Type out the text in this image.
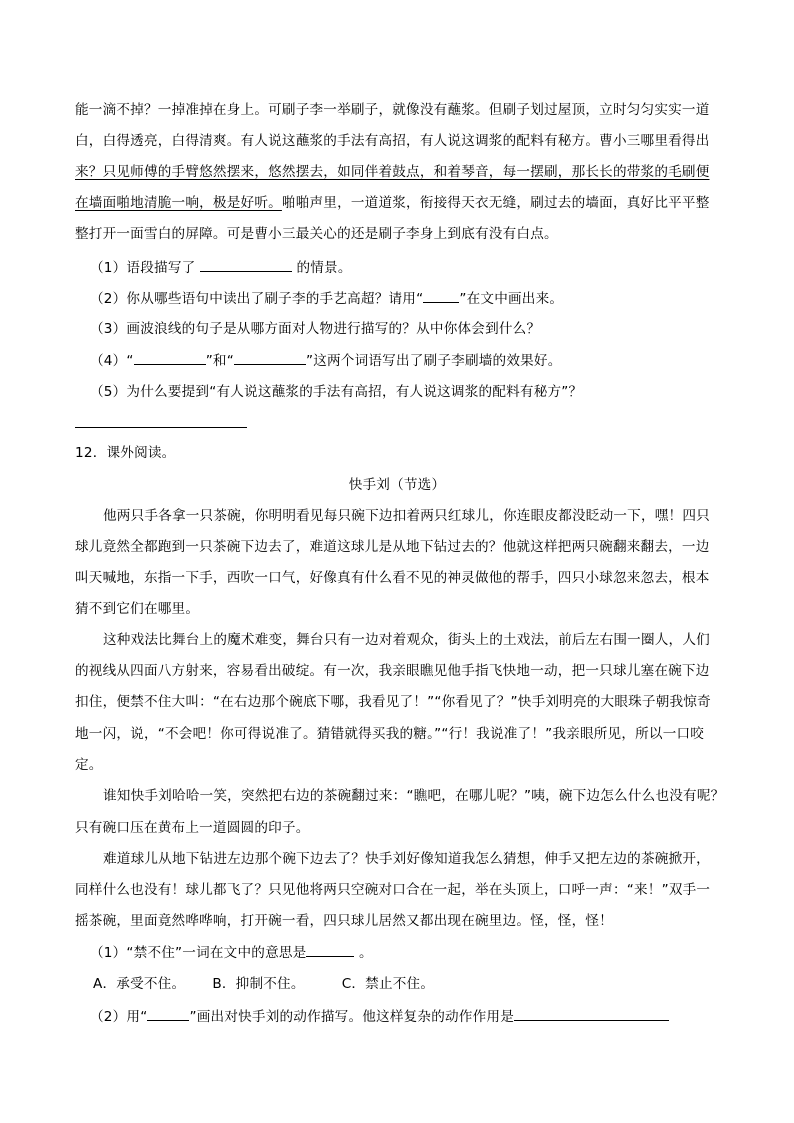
能一滴不掉？一掉准掉在身上。可刷子李一举刷子，就像没有蘸浆。但刷子划过屋顶，立时匀匀实实一道
白，白得透亮，白得清爽。有人说这蘸浆的手法有高招，有人说这调浆的配料有秘方。曹小三哪里看得出
来？只见师傅的手臂悠然摆来，悠然摆去，如同伴着鼓点，和着琴音，每一摆刷，那长长的带浆的毛刷便
在墙面啪地清脆一响，极是好听。啪啪声里，一道道浆，衔接得天衣无缝，刷过去的墙面，真好比平平整
整打开一面雪白的屏障。可是曹小三最关心的还是刷子李身上到底有没有白点。
（1）语段描写了	的情景。
（2）你从哪些语句中读出了刷子李的手艺高超？请用“	”在文中画出来。
（3）画波浪线的句子是从哪方面对人物进行描写的？从中你体会到什么？
（4）“	”和“	”这两个词语写出了刷子李刷墙的效果好。
（5）为什么要提到“有人说这蘸浆的手法有高招，有人说这调浆的配料有秘方”？
12．课外阅读。
快手刘（节选）
他两只手各拿一只茶碗，你明明看见每只碗下边扣着两只红球儿，你连眼皮都没眨动一下，嘿！四只
球儿竟然全都跑到一只茶碗下边去了，难道这球儿是从地下钻过去的？他就这样把两只碗翻来翻去，一边
叫天喊地，东指一下手，西吹一口气，好像真有什么看不见的神灵做他的帮手，四只小球忽来忽去，根本
猜不到它们在哪里。
这种戏法比舞台上的魔术难变，舞台只有一边对着观众，街头上的土戏法，前后左右围一圈人，人们
的视线从四面八方射来，容易看出破绽。有一次，我亲眼瞧见他手指飞快地一动，把一只球儿塞在碗下边
扣住，便禁不住大叫：“在右边那个碗底下哪，我看见了！”“你看见了？”快手刘明亮的大眼珠子朝我惊奇
地一闪，说，“不会吧！你可得说准了。猜错就得买我的糖。”“行！我说准了！”我亲眼所见，所以一口咬
定。
谁知快手刘哈哈一笑，突然把右边的茶碗翻过来：“瞧吧，在哪儿呢？”咦，碗下边怎么什么也没有呢？
只有碗口压在黄布上一道圆圆的印子。
难道球儿从地下钻进左边那个碗下边去了？快手刘好像知道我怎么猜想，伸手又把左边的茶碗掀开，
同样什么也没有！球儿都飞了？只见他将两只空碗对口合在一起，举在头顶上，口呼一声：“来！”双手一
摇茶碗，里面竟然哗哗响，打开碗一看，四只球儿居然又都出现在碗里边。怪，怪，怪！
（1）“禁不住”一词在文中的意思是	。
A．承受不住。 B．抑制不住。	C．禁止不住。
（2）用“	”画出对快手刘的动作描写。他这样复杂的动作作用是
